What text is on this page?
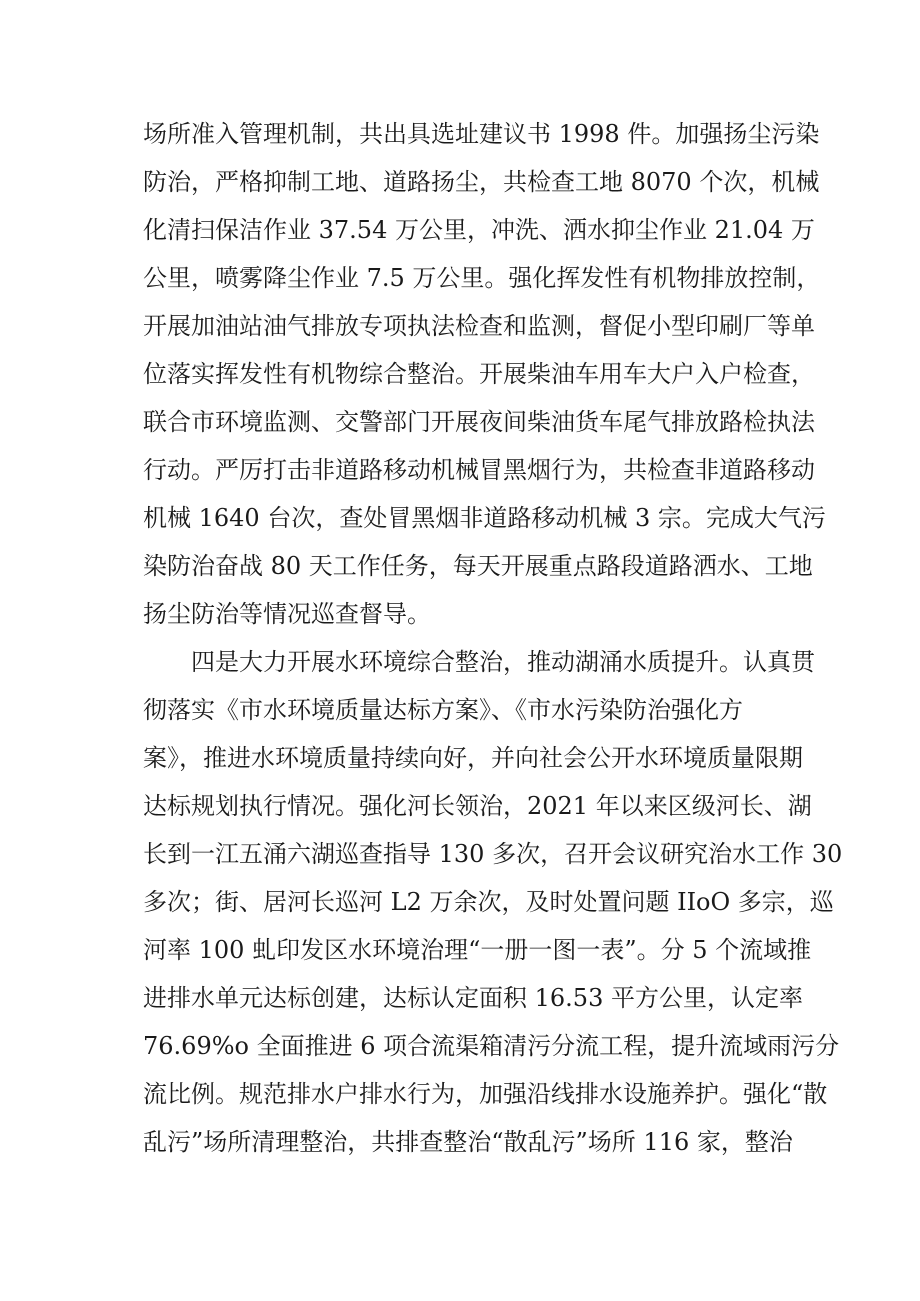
场所准入管理机制，共出具选址建议书 1998 件。加强扬尘污染
防治，严格抑制工地、道路扬尘，共检查工地 8070 个次，机械
化清扫保洁作业 37.54 万公里，冲洗、洒水抑尘作业 21.04 万
公里，喷雾降尘作业 7.5 万公里。强化挥发性有机物排放控制，
开展加油站油气排放专项执法检查和监测，督促小型印刷厂等单
位落实挥发性有机物综合整治。开展柴油车用车大户入户检查，
联合市环境监测、交警部门开展夜间柴油货车尾气排放路检执法
行动。严厉打击非道路移动机械冒黑烟行为，共检查非道路移动
机械 1640 台次，查处冒黑烟非道路移动机械 3 宗。完成大气污
染防治奋战 80 天工作任务，每天开展重点路段道路洒水、工地
扬尘防治等情况巡查督导。
四是大力开展水环境综合整治，推动湖涌水质提升。认真贯
彻落实《市水环境质量达标方案》、《市水污染防治强化方
案》，推进水环境质量持续向好，并向社会公开水环境质量限期
达标规划执行情况。强化河长领治，2021 年以来区级河长、湖
长到一江五涌六湖巡查指导 130 多次，召开会议研究治水工作 30
多次；街、居河长巡河 L2 万余次，及时处置问题 IIoO 多宗，巡
河率 100 虬印发区水环境治理“一册一图一表”。分 5 个流域推
进排水单元达标创建，达标认定面积 16.53 平方公里，认定率
76.69%o 全面推进 6 项合流渠箱清污分流工程，提升流域雨污分
流比例。规范排水户排水行为，加强沿线排水设施养护。强化“散
乱污”场所清理整治，共排查整治“散乱污”场所 116 家，整治
